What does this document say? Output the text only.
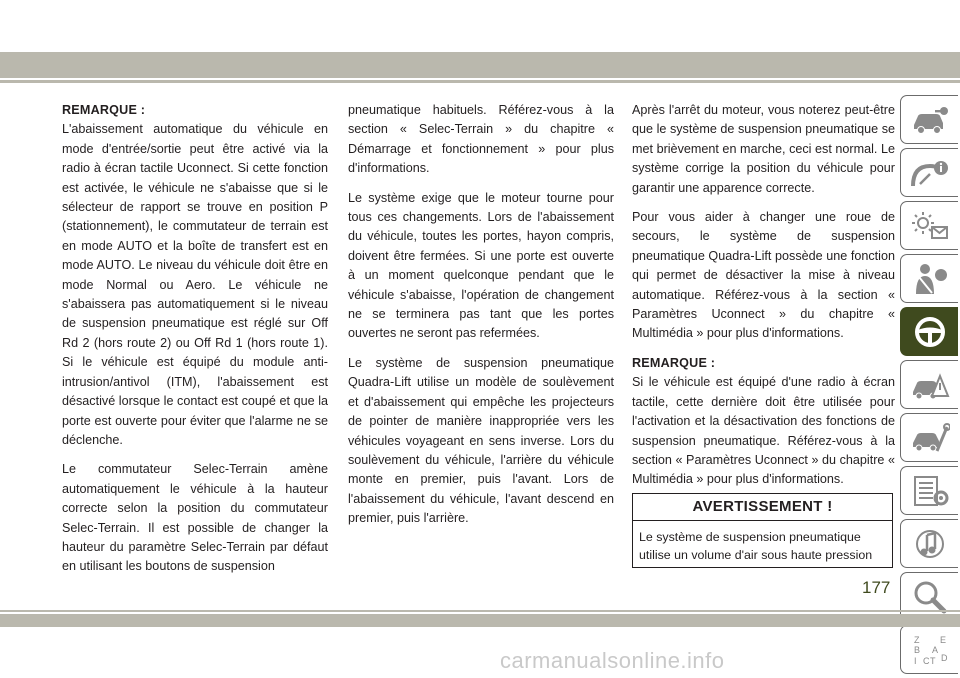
REMARQUE :
L'abaissement automatique du véhicule en mode d'entrée/sortie peut être activé via la radio à écran tactile Uconnect. Si cette fonction est activée, le véhicule ne s'abaisse que si le sélecteur de rapport se trouve en position P (stationnement), le commutateur de terrain est en mode AUTO et la boîte de transfert est en mode AUTO. Le niveau du véhicule doit être en mode Normal ou Aero. Le véhicule ne s'abaissera pas automatiquement si le niveau de suspension pneumatique est réglé sur Off Rd 2 (hors route 2) ou Off Rd 1 (hors route 1). Si le véhicule est équipé du module anti-intrusion/antivol (ITM), l'abaissement est désactivé lorsque le contact est coupé et que la porte est ouverte pour éviter que l'alarme ne se déclenche.

Le commutateur Selec-Terrain amène automatiquement le véhicule à la hauteur correcte selon la position du commutateur Selec-Terrain. Il est possible de changer la hauteur du paramètre Selec-Terrain par défaut en utilisant les boutons de suspension

pneumatique habituels. Référez-vous à la section « Selec-Terrain » du chapitre « Démarrage et fonctionnement » pour plus d'informations.

Le système exige que le moteur tourne pour tous ces changements. Lors de l'abaissement du véhicule, toutes les portes, hayon compris, doivent être fermées. Si une porte est ouverte à un moment quelconque pendant que le véhicule s'abaisse, l'opération de changement ne se terminera pas tant que les portes ouvertes ne seront pas refermées.

Le système de suspension pneumatique Quadra-Lift utilise un modèle de soulèvement et d'abaissement qui empêche les projecteurs de pointer de manière inappropriée vers les véhicules voyageant en sens inverse. Lors du soulèvement du véhicule, l'arrière du véhicule monte en premier, puis l'avant. Lors de l'abaissement du véhicule, l'avant descend en premier, puis l'arrière.

Après l'arrêt du moteur, vous noterez peut-être que le système de suspension pneumatique se met brièvement en marche, ceci est normal. Le système corrige la position du véhicule pour garantir une apparence correcte.

Pour vous aider à changer une roue de secours, le système de suspension pneumatique Quadra-Lift possède une fonction qui permet de désactiver la mise à niveau automatique. Référez-vous à la section « Paramètres Uconnect » du chapitre « Multimédia » pour plus d'informations.

REMARQUE :
Si le véhicule est équipé d'une radio à écran tactile, cette dernière doit être utilisée pour l'activation et la désactivation des fonctions de suspension pneumatique. Référez-vous à la section « Paramètres Uconnect » du chapitre « Multimédia » pour plus d'informations.

AVERTISSEMENT !
Le système de suspension pneumatique utilise un volume d'air sous haute pression
Z E
B A
I C T D
177
carmanualsonline.info
